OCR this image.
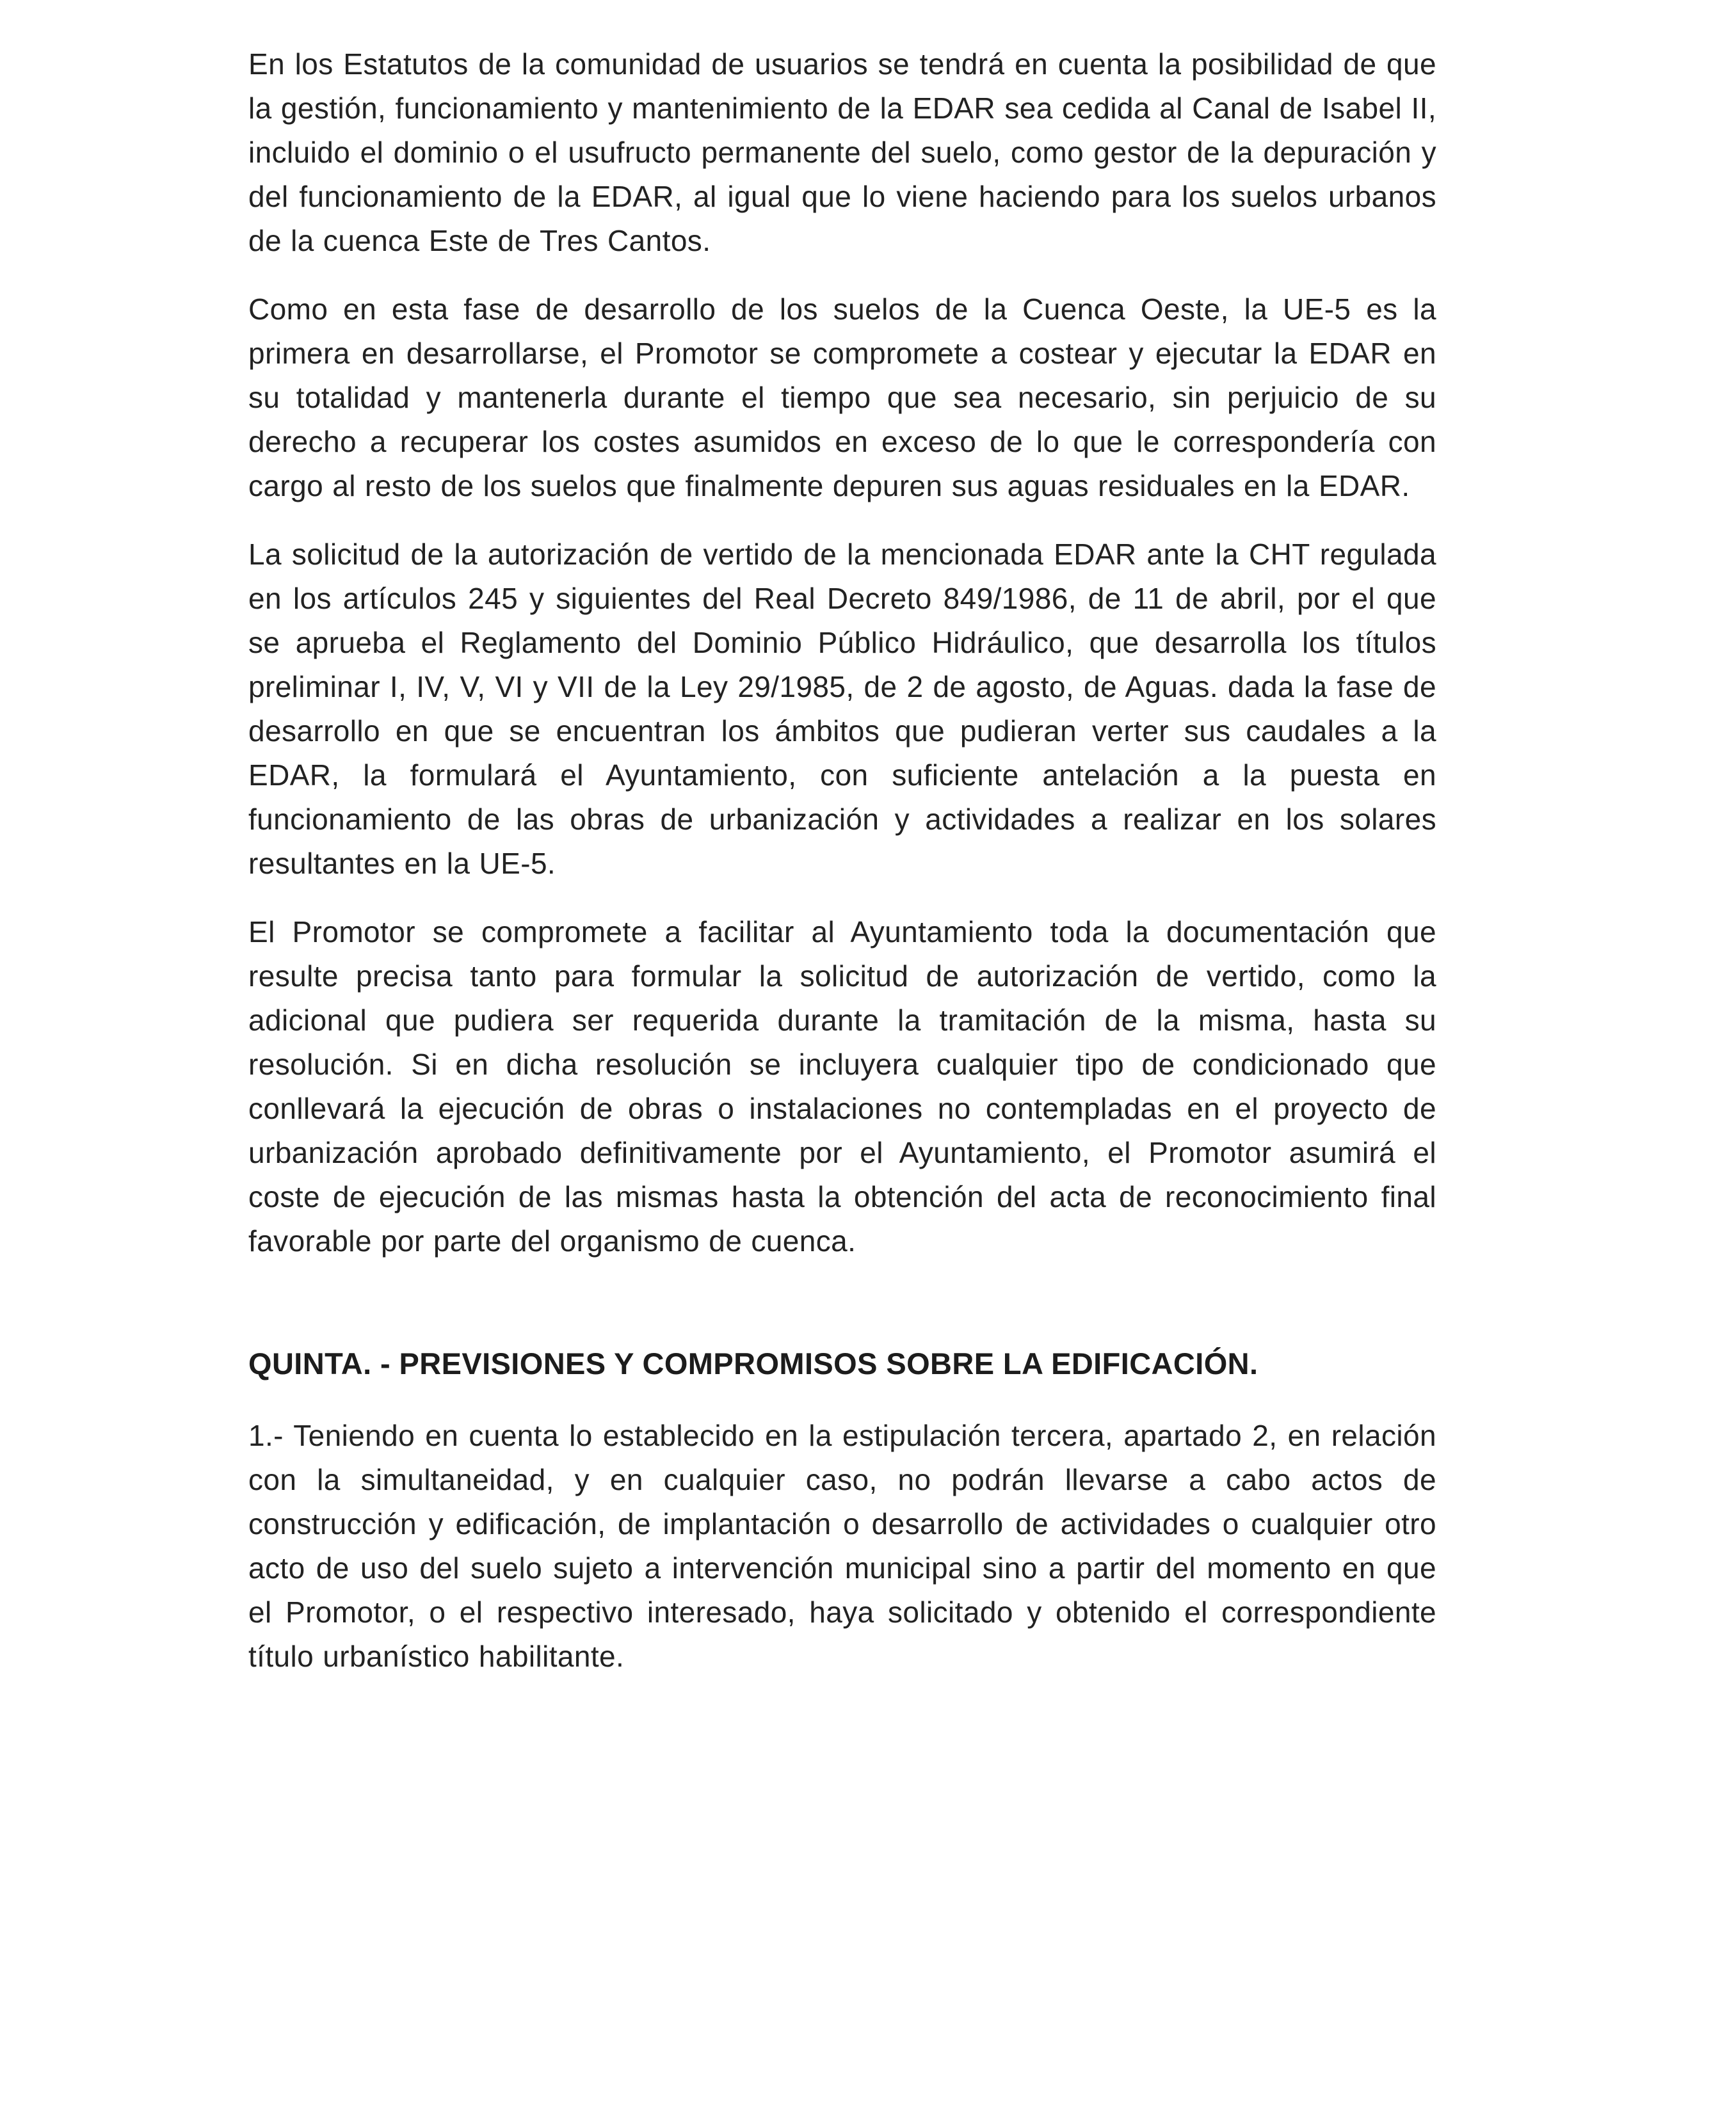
En los Estatutos de la comunidad de usuarios se tendrá en cuenta la posibilidad de que la gestión, funcionamiento y mantenimiento de la EDAR sea cedida al Canal de Isabel II, incluido el dominio o el usufructo permanente del suelo, como gestor de la depuración y del funcionamiento de la EDAR, al igual que lo viene haciendo para los suelos urbanos de la cuenca Este de Tres Cantos.

Como en esta fase de desarrollo de los suelos de la Cuenca Oeste, la UE-5 es la primera en desarrollarse, el Promotor se compromete a costear y ejecutar la EDAR en su totalidad y mantenerla durante el tiempo que sea necesario, sin perjuicio de su derecho a recuperar los costes asumidos en exceso de lo que le correspondería con cargo al resto de los suelos que finalmente depuren sus aguas residuales en la EDAR.

La solicitud de la autorización de vertido de la mencionada EDAR ante la CHT regulada en los artículos 245 y siguientes del Real Decreto 849/1986, de 11 de abril, por el que se aprueba el Reglamento del Dominio Público Hidráulico, que desarrolla los títulos preliminar I, IV, V, VI y VII de la Ley 29/1985, de 2 de agosto, de Aguas. dada la fase de desarrollo en que se encuentran los ámbitos que pudieran verter sus caudales a la EDAR, la formulará el Ayuntamiento, con suficiente antelación a la puesta en funcionamiento de las obras de urbanización y actividades a realizar en los solares resultantes en la UE-5.

El Promotor se compromete a facilitar al Ayuntamiento toda la documentación que resulte precisa tanto para formular la solicitud de autorización de vertido, como la adicional que pudiera ser requerida durante la tramitación de la misma, hasta su resolución. Si en dicha resolución se incluyera cualquier tipo de condicionado que conllevará la ejecución de obras o instalaciones no contempladas en el proyecto de urbanización aprobado definitivamente por el Ayuntamiento, el Promotor asumirá el coste de ejecución de las mismas hasta la obtención del acta de reconocimiento final favorable por parte del organismo de cuenca.

QUINTA. - PREVISIONES Y COMPROMISOS SOBRE LA EDIFICACIÓN.

1.- Teniendo en cuenta lo establecido en la estipulación tercera, apartado 2, en relación con la simultaneidad, y en cualquier caso, no podrán llevarse a cabo actos de construcción y edificación, de implantación o desarrollo de actividades o cualquier otro acto de uso del suelo sujeto a intervención municipal sino a partir del momento en que el Promotor, o el respectivo interesado, haya solicitado y obtenido el correspondiente título urbanístico habilitante.
